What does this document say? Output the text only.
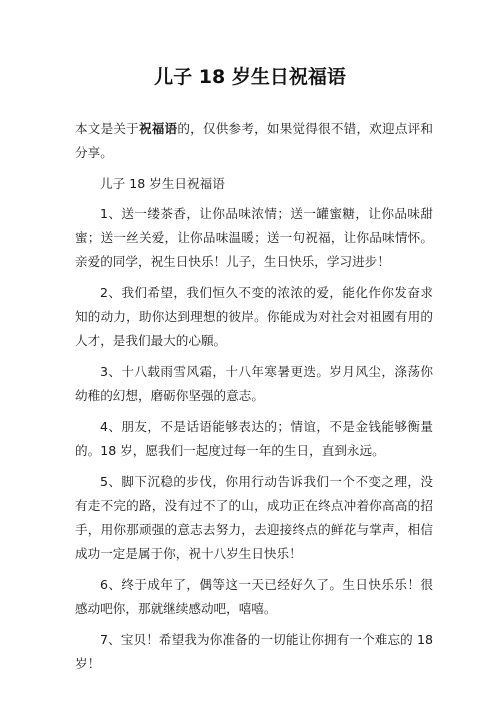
儿子 18 岁生日祝福语

本文是关于祝福语的，仅供参考，如果觉得很不错，欢迎点评和分享。

儿子 18 岁生日祝福语

1、送一缕茶香，让你品味浓情；送一罐蜜糖，让你品味甜蜜；送一丝关爱，让你品味温暖；送一句祝福，让你品味情怀。亲爱的同学，祝生日快乐！儿子，生日快乐，学习进步！

2、我们希望，我们恒久不变的浓浓的爱，能化作你发奋求知的动力，助你达到理想的彼岸。你能成为对社会对祖國有用的人才，是我们最大的心願。

3、十八载雨雪风霜，十八年寒暑更迭。岁月风尘，涤荡你幼稚的幻想，磨砺你坚强的意志。

4、朋友，不是话语能够表达的；情谊，不是金钱能够衡量的。18 岁，愿我们一起度过每一年的生日，直到永远。

5、脚下沉稳的步伐，你用行动告诉我们一个不变之理，没有走不完的路，没有过不了的山，成功正在终点冲着你高高的招手，用你那顽强的意志去努力，去迎接终点的鲜花与掌声，相信成功一定是属于你，祝十八岁生日快乐！

6、终于成年了，偶等这一天已经好久了。生日快乐乐！很感动吧你，那就继续感动吧，嘻嘻。

7、宝贝！希望我为你准备的一切能让你拥有一个难忘的 18 岁！
